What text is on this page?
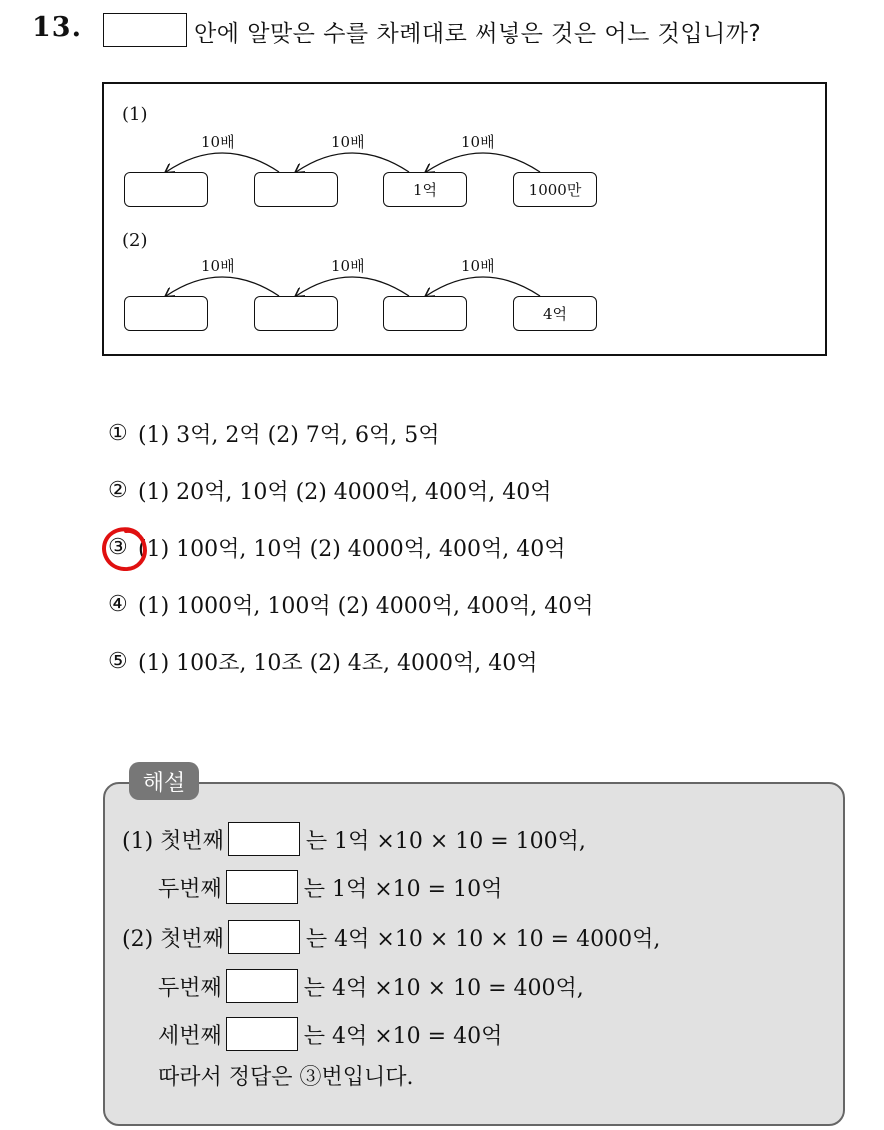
13.	안에 알맞은 수를 차례대로 써넣은 것은 어느 것입니까?
(1)
10배	10배	10배
1억	1000만
(2)
10배	10배	10배
4억
① (1) 3억, 2억 (2) 7억, 6억, 5억
② (1) 20억, 10억 (2) 4000억, 400억, 40억
③ (1) 100억, 10억 (2) 4000억, 400억, 40억
④ (1) 1000억, 100억 (2) 4000억, 400억, 40억
⑤ (1) 100조, 10조 (2) 4조, 4000억, 40억
해설
(1) 첫번째	는 1억 ×10 × 10 = 100억,
두번째	는 1억 ×10 = 10억
(2) 첫번째	는 4억 ×10 × 10 × 10 = 4000억,
두번째	는 4억 ×10 × 10 = 400억,
세번째	는 4억 ×10 = 40억
따라서 정답은 ③번입니다.
